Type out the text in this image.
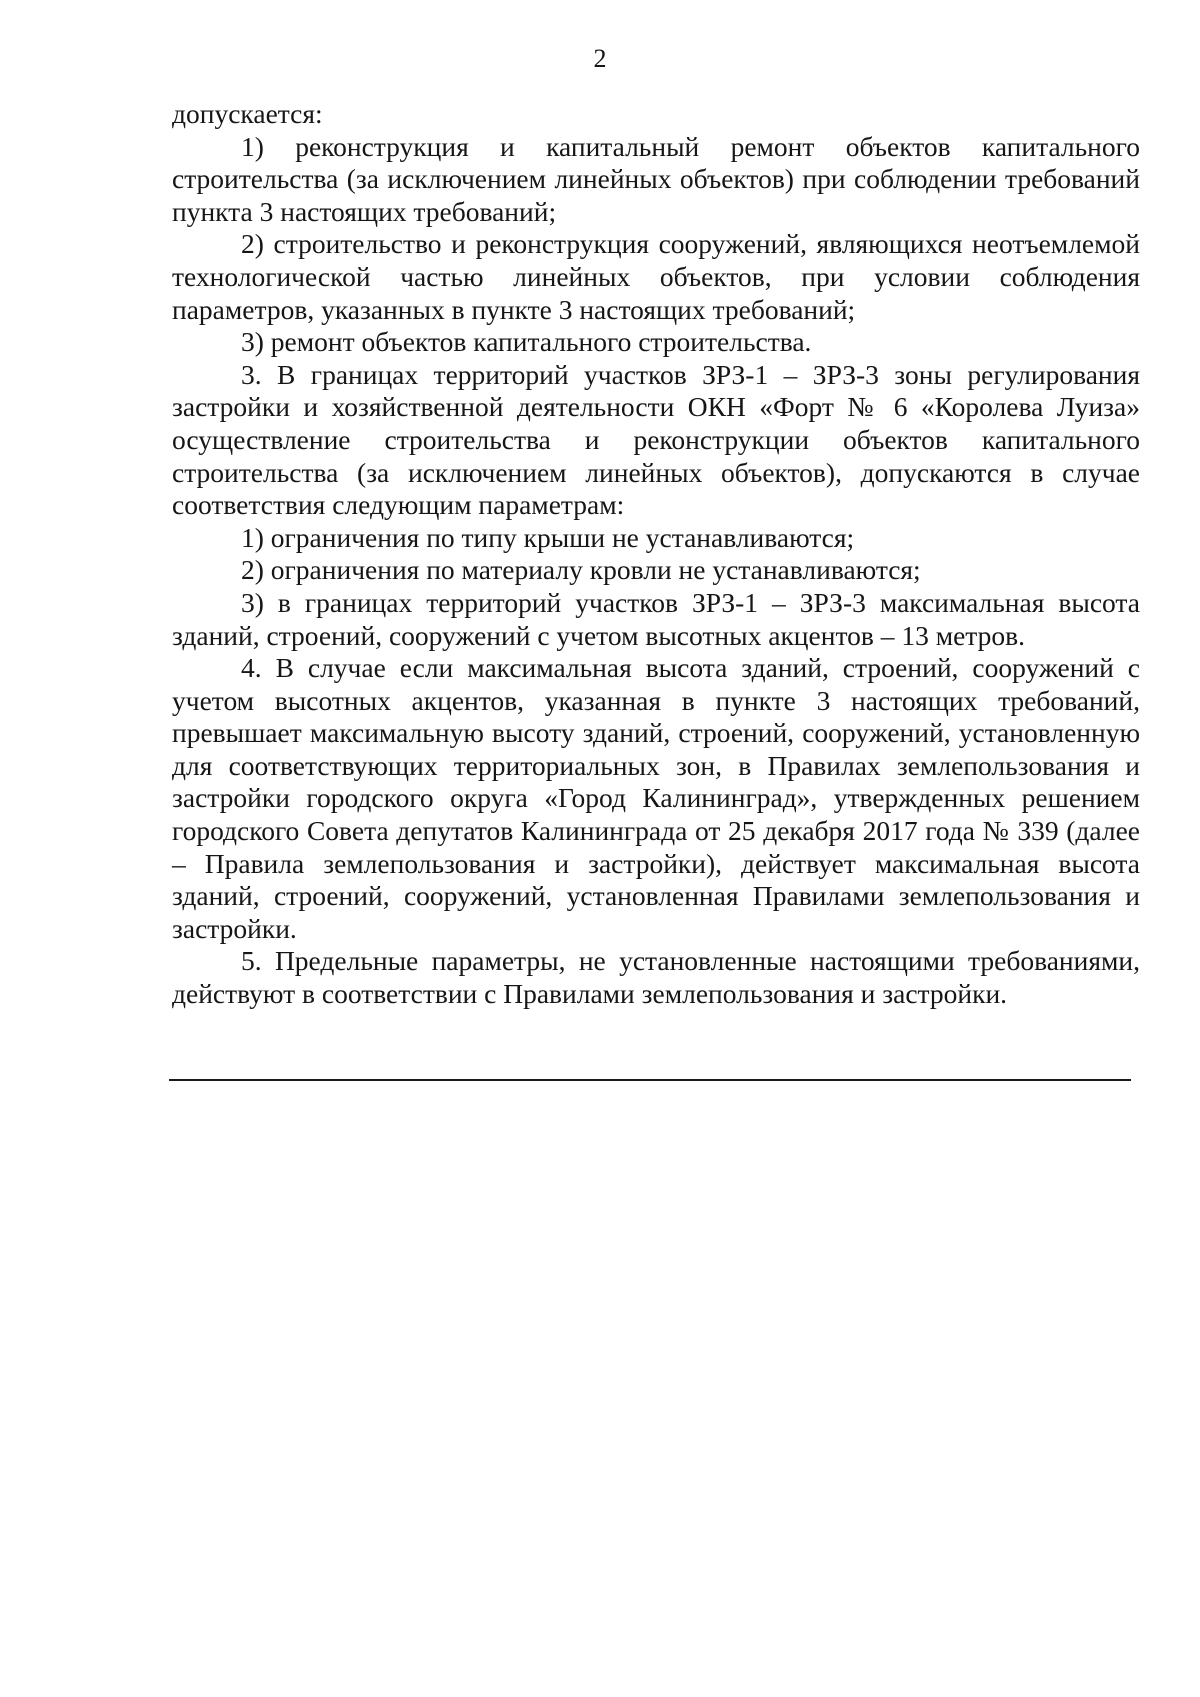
2

допускается:

1) реконструкция и капитальный ремонт объектов капитального строительства (за исключением линейных объектов) при соблюдении требований пункта 3 настоящих требований;

2) строительство и реконструкция сооружений, являющихся неотъемлемой технологической частью линейных объектов, при условии соблюдения параметров, указанных в пункте 3 настоящих требований;

3) ремонт объектов капитального строительства.

3. В границах территорий участков ЗРЗ-1 – ЗРЗ-3 зоны регулирования застройки и хозяйственной деятельности ОКН «Форт № 6 «Королева Луиза» осуществление строительства и реконструкции объектов капитального строительства (за исключением линейных объектов), допускаются в случае соответствия следующим параметрам:

1) ограничения по типу крыши не устанавливаются;

2) ограничения по материалу кровли не устанавливаются;

3) в границах территорий участков ЗРЗ-1 – ЗРЗ-3 максимальная высота зданий, строений, сооружений с учетом высотных акцентов – 13 метров.

4. В случае если максимальная высота зданий, строений, сооружений с учетом высотных акцентов, указанная в пункте 3 настоящих требований, превышает максимальную высоту зданий, строений, сооружений, установленную для соответствующих территориальных зон, в Правилах землепользования и застройки городского округа «Город Калининград», утвержденных решением городского Совета депутатов Калининграда от 25 декабря 2017 года № 339 (далее – Правила землепользования и застройки), действует максимальная высота зданий, строений, сооружений, установленная Правилами землепользования и застройки.

5. Предельные параметры, не установленные настоящими требованиями, действуют в соответствии с Правилами землепользования и застройки.
